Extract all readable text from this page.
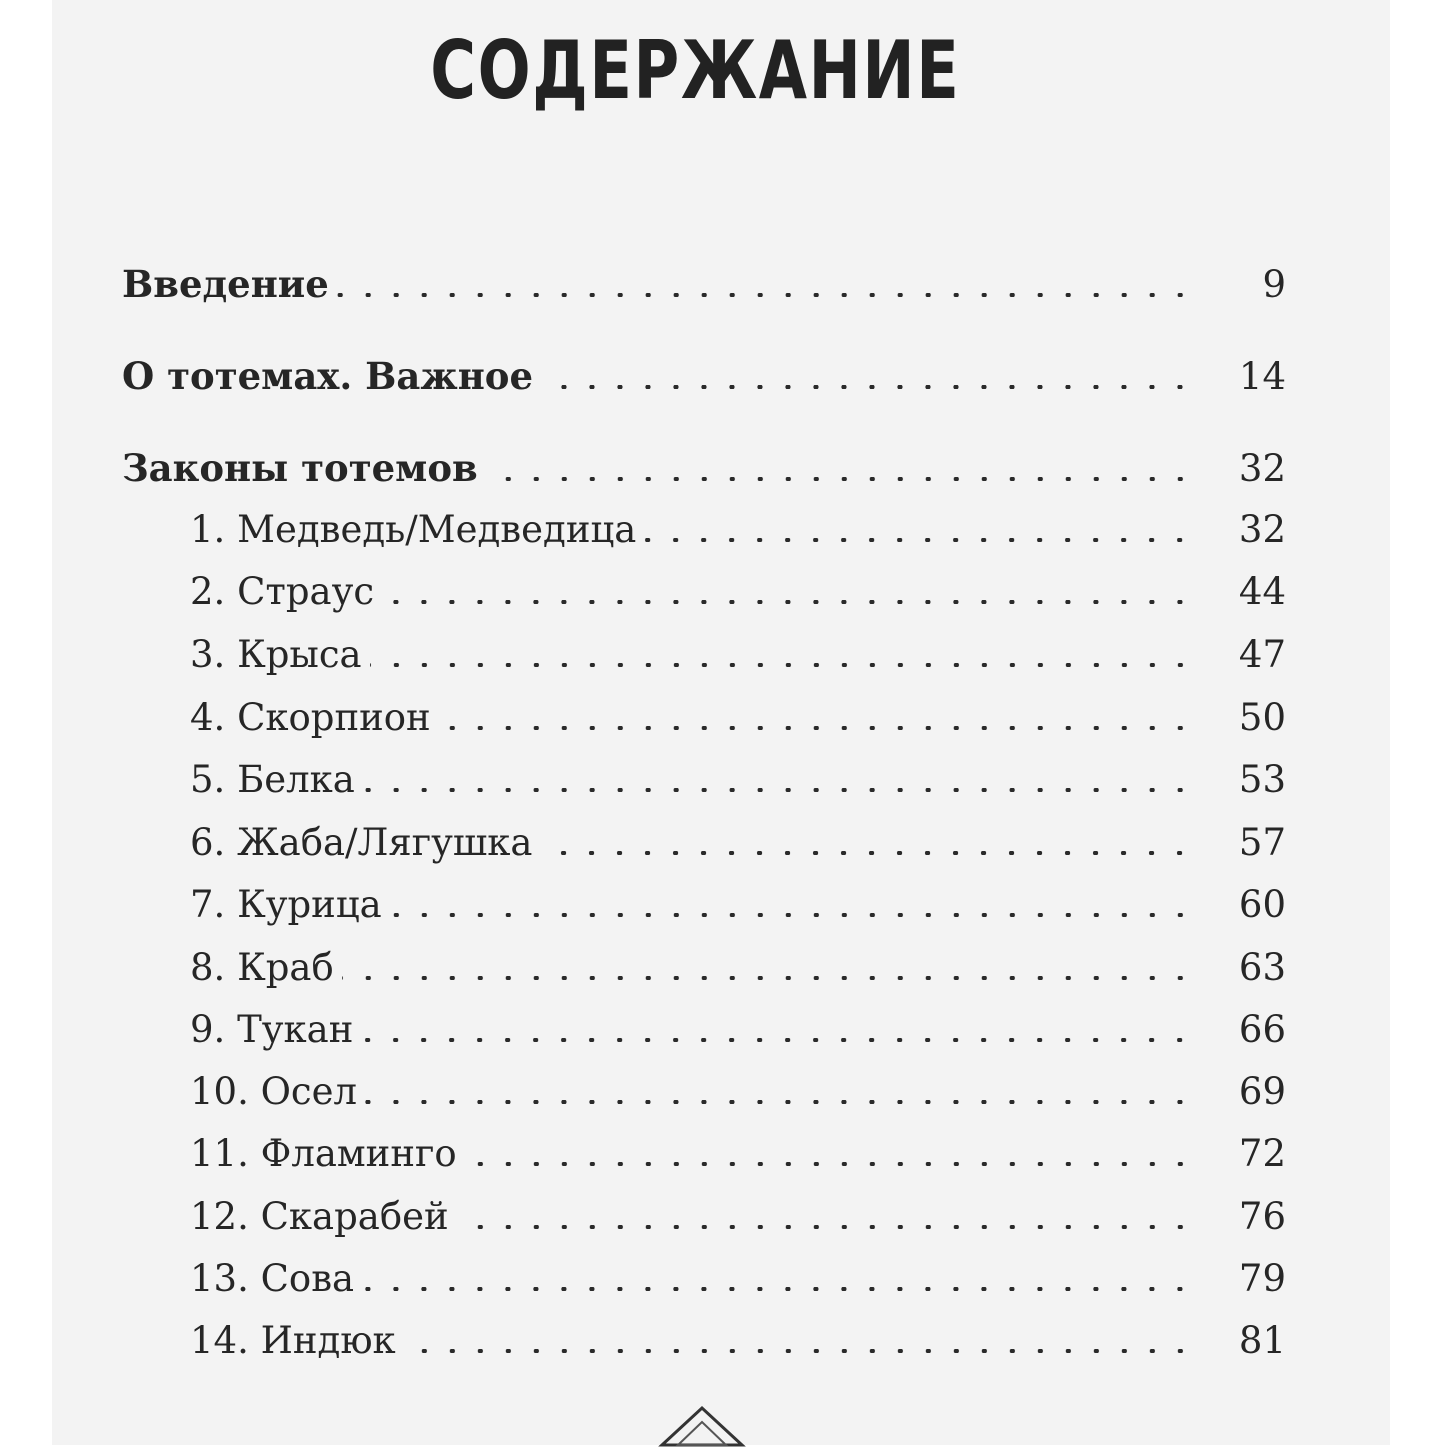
СОДЕРЖАНИЕ
Введение	9
О тотемах. Важное	14
Законы тотемов	32
1. Медведь/Медведица	32
2. Страус	44
3. Крыса	47
4. Скорпион	50
5. Белка	53
6. Жаба/Лягушка	57
7. Курица	60
8. Краб	63
9. Тукан	66
10. Осел	69
11. Фламинго	72
12. Скарабей	76
13. Сова	79
14. Индюк	81
